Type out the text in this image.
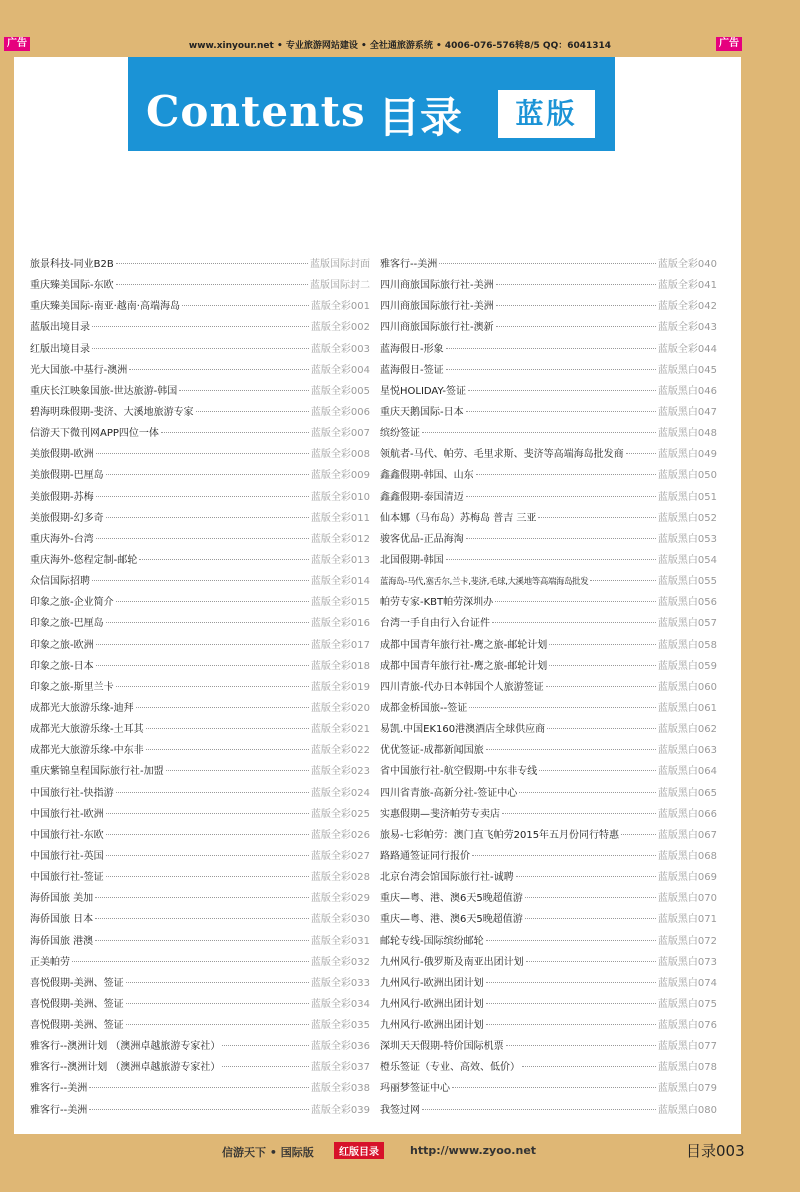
广告	www.xinyour.net • 专业旅游网站建设 • 全社通旅游系统 • 4006-076-576转8/5 QQ：6041314	广告
Contents 目录	蓝版
旅景科技-同业B2B	蓝版国际封面
重庆臻美国际-东欧	蓝版国际封二
重庆臻美国际-南亚·越南·高端海岛	蓝版全彩001
蓝版出境目录	蓝版全彩002
红版出境目录	蓝版全彩003
光大国旅-中基行-澳洲	蓝版全彩004
重庆长江映象国旅-世达旅游-韩国	蓝版全彩005
碧海明珠假期-斐济、大溪地旅游专家	蓝版全彩006
信游天下微刊网APP四位一体	蓝版全彩007
美旅假期-欧洲	蓝版全彩008
美旅假期-巴厘岛	蓝版全彩009
美旅假期-苏梅	蓝版全彩010
美旅假期-幻多奇	蓝版全彩011
重庆海外-台湾	蓝版全彩012
重庆海外-悠程定制-邮轮	蓝版全彩013
众信国际招聘	蓝版全彩014
印象之旅-企业简介	蓝版全彩015
印象之旅-巴厘岛	蓝版全彩016
印象之旅-欧洲	蓝版全彩017
印象之旅-日本	蓝版全彩018
印象之旅-斯里兰卡	蓝版全彩019
成都光大旅游乐缘-迪拜	蓝版全彩020
成都光大旅游乐缘-土耳其	蓝版全彩021
成都光大旅游乐缘-中东非	蓝版全彩022
重庆紫锦皇程国际旅行社-加盟	蓝版全彩023
中国旅行社-快指游	蓝版全彩024
中国旅行社-欧洲	蓝版全彩025
中国旅行社-东欧	蓝版全彩026
中国旅行社-英国	蓝版全彩027
中国旅行社-签证	蓝版全彩028
海侨国旅 美加	蓝版全彩029
海侨国旅 日本	蓝版全彩030
海侨国旅 港澳	蓝版全彩031
正美帕劳	蓝版全彩032
喜悦假期-美洲、签证	蓝版全彩033
喜悦假期-美洲、签证	蓝版全彩034
喜悦假期-美洲、签证	蓝版全彩035
雅客行--澳洲计划 （澳洲卓越旅游专家社）	蓝版全彩036
雅客行--澳洲计划 （澳洲卓越旅游专家社）	蓝版全彩037
雅客行--美洲	蓝版全彩038
雅客行--美洲	蓝版全彩039
雅客行--美洲	蓝版全彩040
四川商旅国际旅行社-美洲	蓝版全彩041
四川商旅国际旅行社-美洲	蓝版全彩042
四川商旅国际旅行社-澳新	蓝版全彩043
蓝海假日-形象	蓝版全彩044
蓝海假日-签证	蓝版黑白045
星悦HOLIDAY-签证	蓝版黑白046
重庆天鹅国际-日本	蓝版黑白047
缤纷签证	蓝版黑白048
领航者-马代、帕劳、毛里求斯、斐济等高端海岛批发商	蓝版黑白049
鑫鑫假期-韩国、山东	蓝版黑白050
鑫鑫假期-泰国清迈	蓝版黑白051
仙本娜（马布岛）苏梅岛 普吉 三亚	蓝版黑白052
骏客优品-正品海淘	蓝版黑白053
北国假期-韩国	蓝版黑白054
蓝海岛-马代,塞舌尔,兰卡,斐济,毛球,大溪地等高端海岛批发	蓝版黑白055
帕劳专家-KBT帕劳深圳办	蓝版黑白056
台湾一手自由行入台证件	蓝版黑白057
成都中国青年旅行社-鹰之旅-邮轮计划	蓝版黑白058
成都中国青年旅行社-鹰之旅-邮轮计划	蓝版黑白059
四川青旅-代办日本韩国个人旅游签证	蓝版黑白060
成都金桥国旅--签证	蓝版黑白061
易凯.中国EK160港澳酒店全球供应商	蓝版黑白062
优优签证-成都新闻国旅	蓝版黑白063
省中国旅行社-航空假期-中东非专线	蓝版黑白064
四川省青旅-高新分社-签证中心	蓝版黑白065
实惠假期—斐济帕劳专卖店	蓝版黑白066
旅易-七彩帕劳：澳门直飞帕劳2015年五月份同行特惠	蓝版黑白067
路路通签证同行报价	蓝版黑白068
北京台湾会馆国际旅行社-诚聘	蓝版黑白069
重庆—粤、港、澳6天5晚超值游	蓝版黑白070
重庆—粤、港、澳6天5晚超值游	蓝版黑白071
邮轮专线-国际缤纷邮轮	蓝版黑白072
九州风行-俄罗斯及南亚出团计划	蓝版黑白073
九州风行-欧洲出团计划	蓝版黑白074
九州风行-欧洲出团计划	蓝版黑白075
九州风行-欧洲出团计划	蓝版黑白076
深圳天天假期-特价国际机票	蓝版黑白077
橙乐签证（专业、高效、低价）	蓝版黑白078
玛丽梦签证中心	蓝版黑白079
我签过网	蓝版黑白080
信游天下 • 国际版	红版目录	http://www.zyoo.net	目录003
